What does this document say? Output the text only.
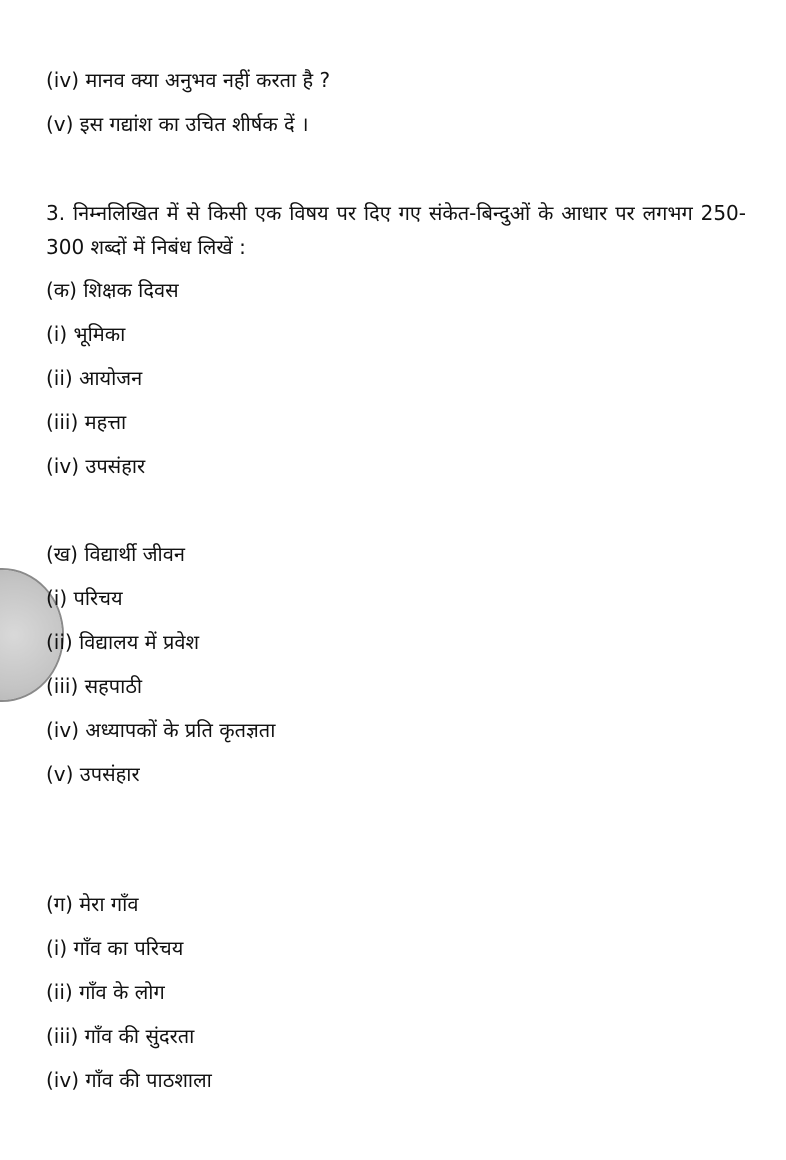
(iv) मानव क्या अनुभव नहीं करता है ?
(v) इस गद्यांश का उचित शीर्षक दें ।
3. निम्नलिखित में से किसी एक विषय पर दिए गए संकेत-बिन्दुओं के आधार पर लगभग 250-300 शब्दों में निबंध लिखें :
(क) शिक्षक दिवस
(i) भूमिका
(ii) आयोजन
(iii) महत्ता
(iv) उपसंहार
(ख) विद्यार्थी जीवन
(i) परिचय
(ii) विद्यालय में प्रवेश
(iii) सहपाठी
(iv) अध्यापकों के प्रति कृतज्ञता
(v) उपसंहार
(ग) मेरा गाँव
(i) गाँव का परिचय
(ii) गाँव के लोग
(iii) गाँव की सुंदरता
(iv) गाँव की पाठशाला
